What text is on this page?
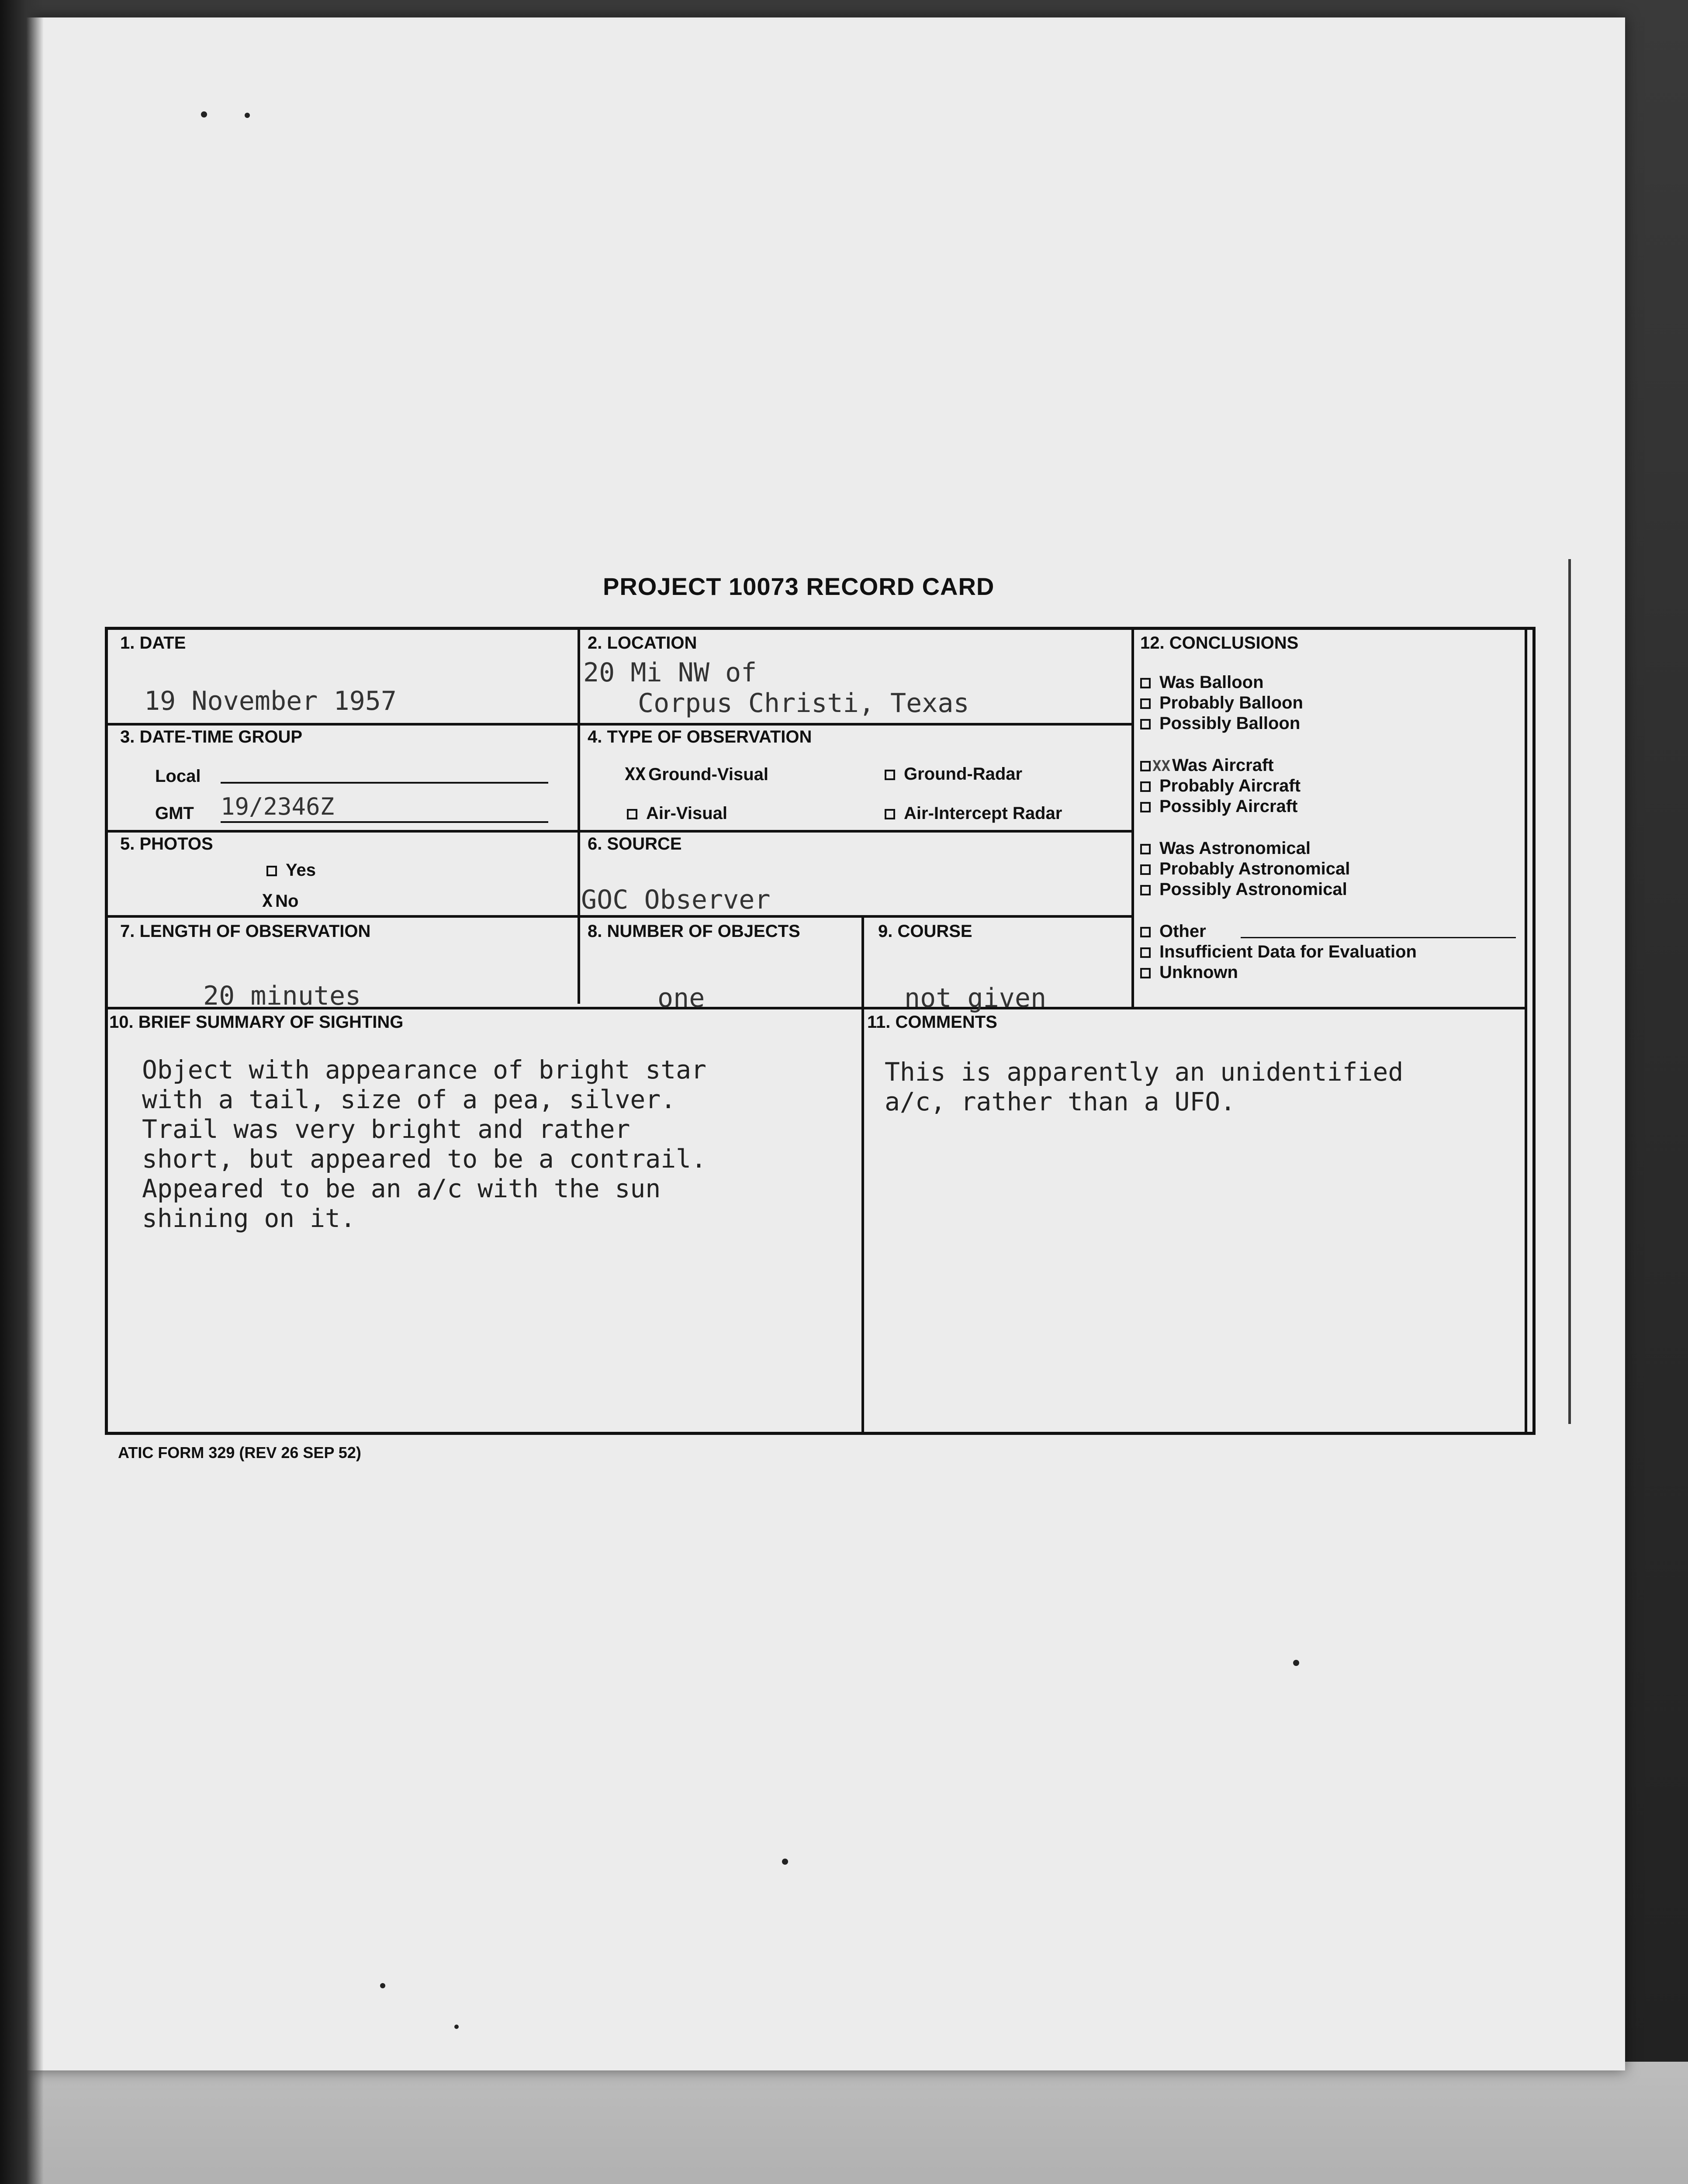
PROJECT 10073 RECORD CARD
1. DATE
19 November 1957
2. LOCATION
20 Mi NW of
Corpus Christi, Texas
3. DATE-TIME GROUP
Local
GMT 19/2346Z
4. TYPE OF OBSERVATION
XX Ground-Visual	Ground-Radar
Air-Visual	Air-Intercept Radar
5. PHOTOS
Yes
X No
6. SOURCE
GOC Observer
7. LENGTH OF OBSERVATION
20 minutes
8. NUMBER OF OBJECTS
one
9. COURSE
not given
12. CONCLUSIONS
Was Balloon
Probably Balloon
Possibly Balloon
XX Was Aircraft
Probably Aircraft
Possibly Aircraft
Was Astronomical
Probably Astronomical
Possibly Astronomical
Other
Insufficient Data for Evaluation
Unknown
10. BRIEF SUMMARY OF SIGHTING
Object with appearance of bright star
with a tail, size of a pea, silver.
Trail was very bright and rather
short, but appeared to be a contrail.
Appeared to be an a/c with the sun
shining on it.
11. COMMENTS
This is apparently an unidentified
a/c, rather than a UFO.
ATIC FORM 329 (REV 26 SEP 52)
